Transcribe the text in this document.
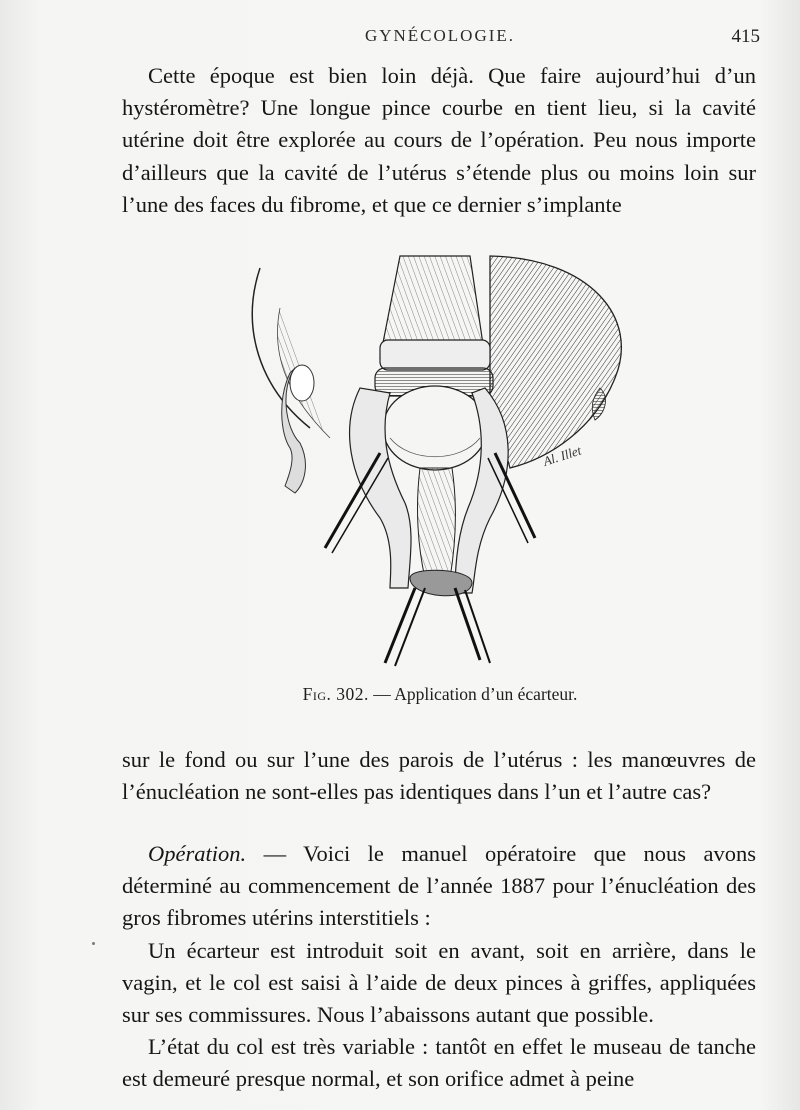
GYNÉCOLOGIE.	415

Cette époque est bien loin déjà. Que faire aujourd’hui d’un hystéromètre? Une longue pince courbe en tient lieu, si la cavité utérine doit être explorée au cours de l’opération. Peu nous importe d’ailleurs que la cavité de l’utérus s’étende plus ou moins loin sur l’une des faces du fibrome, et que ce dernier s’implante

Al. Illet
Fig. 302. — Application d’un écarteur.

sur le fond ou sur l’une des parois de l’utérus : les manœuvres de l’énucléation ne sont-elles pas identiques dans l’un et l’autre cas?

Opération. — Voici le manuel opératoire que nous avons déterminé au commencement de l’année 1887 pour l’énucléation des gros fibromes utérins interstitiels :

Un écarteur est introduit soit en avant, soit en arrière, dans le vagin, et le col est saisi à l’aide de deux pinces à griffes, appliquées sur ses commissures. Nous l’abaissons autant que possible.

L’état du col est très variable : tantôt en effet le museau de tanche est demeuré presque normal, et son orifice admet à peine
